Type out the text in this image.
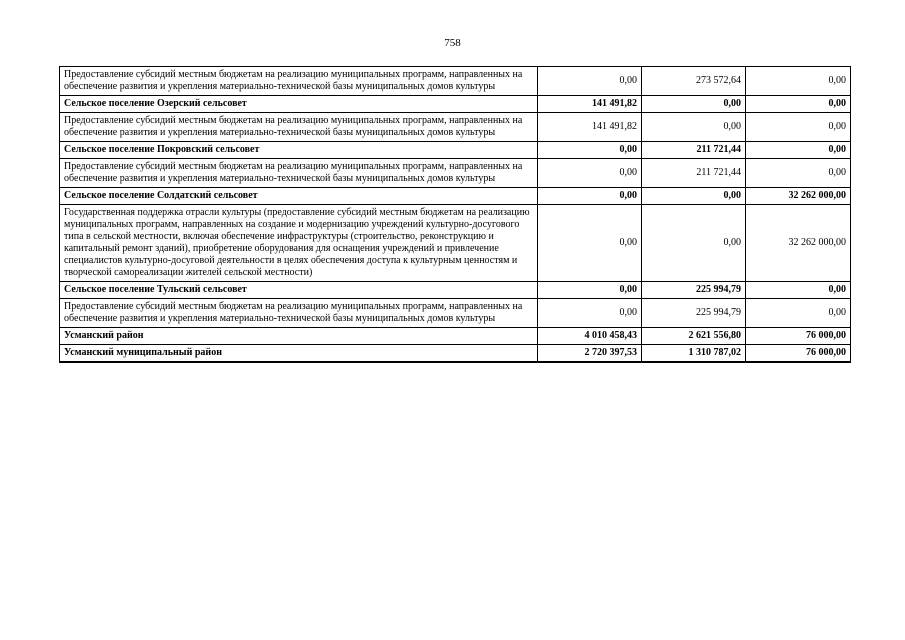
758
Предоставление субсидий местным бюджетам на реализацию муниципальных программ, направленных на обеспечение развития и укрепления материально-технической базы муниципальных домов культуры	0,00	273 572,64	0,00
Сельское поселение Озерский сельсовет	141 491,82	0,00	0,00
Предоставление субсидий местным бюджетам на реализацию муниципальных программ, направленных на обеспечение развития и укрепления материально-технической базы муниципальных домов культуры	141 491,82	0,00	0,00
Сельское поселение Покровский сельсовет	0,00	211 721,44	0,00
Предоставление субсидий местным бюджетам на реализацию муниципальных программ, направленных на обеспечение развития и укрепления материально-технической базы муниципальных домов культуры	0,00	211 721,44	0,00
Сельское поселение Солдатский сельсовет	0,00	0,00	32 262 000,00
Государственная поддержка отрасли культуры (предоставление субсидий местным бюджетам на реализацию муниципальных программ, направленных на создание и модернизацию учреждений культурно-досугового типа в сельской местности, включая обеспечение инфраструктуры (строительство, реконструкцию и капитальный ремонт зданий), приобретение оборудования для оснащения учреждений и привлечение специалистов культурно-досуговой деятельности в целях обеспечения доступа к культурным ценностям и творческой самореализации жителей сельской местности)	0,00	0,00	32 262 000,00
Сельское поселение Тульский сельсовет	0,00	225 994,79	0,00
Предоставление субсидий местным бюджетам на реализацию муниципальных программ, направленных на обеспечение развития и укрепления материально-технической базы муниципальных домов культуры	0,00	225 994,79	0,00
Усманский район	4 010 458,43	2 621 556,80	76 000,00
Усманский муниципальный район	2 720 397,53	1 310 787,02	76 000,00
